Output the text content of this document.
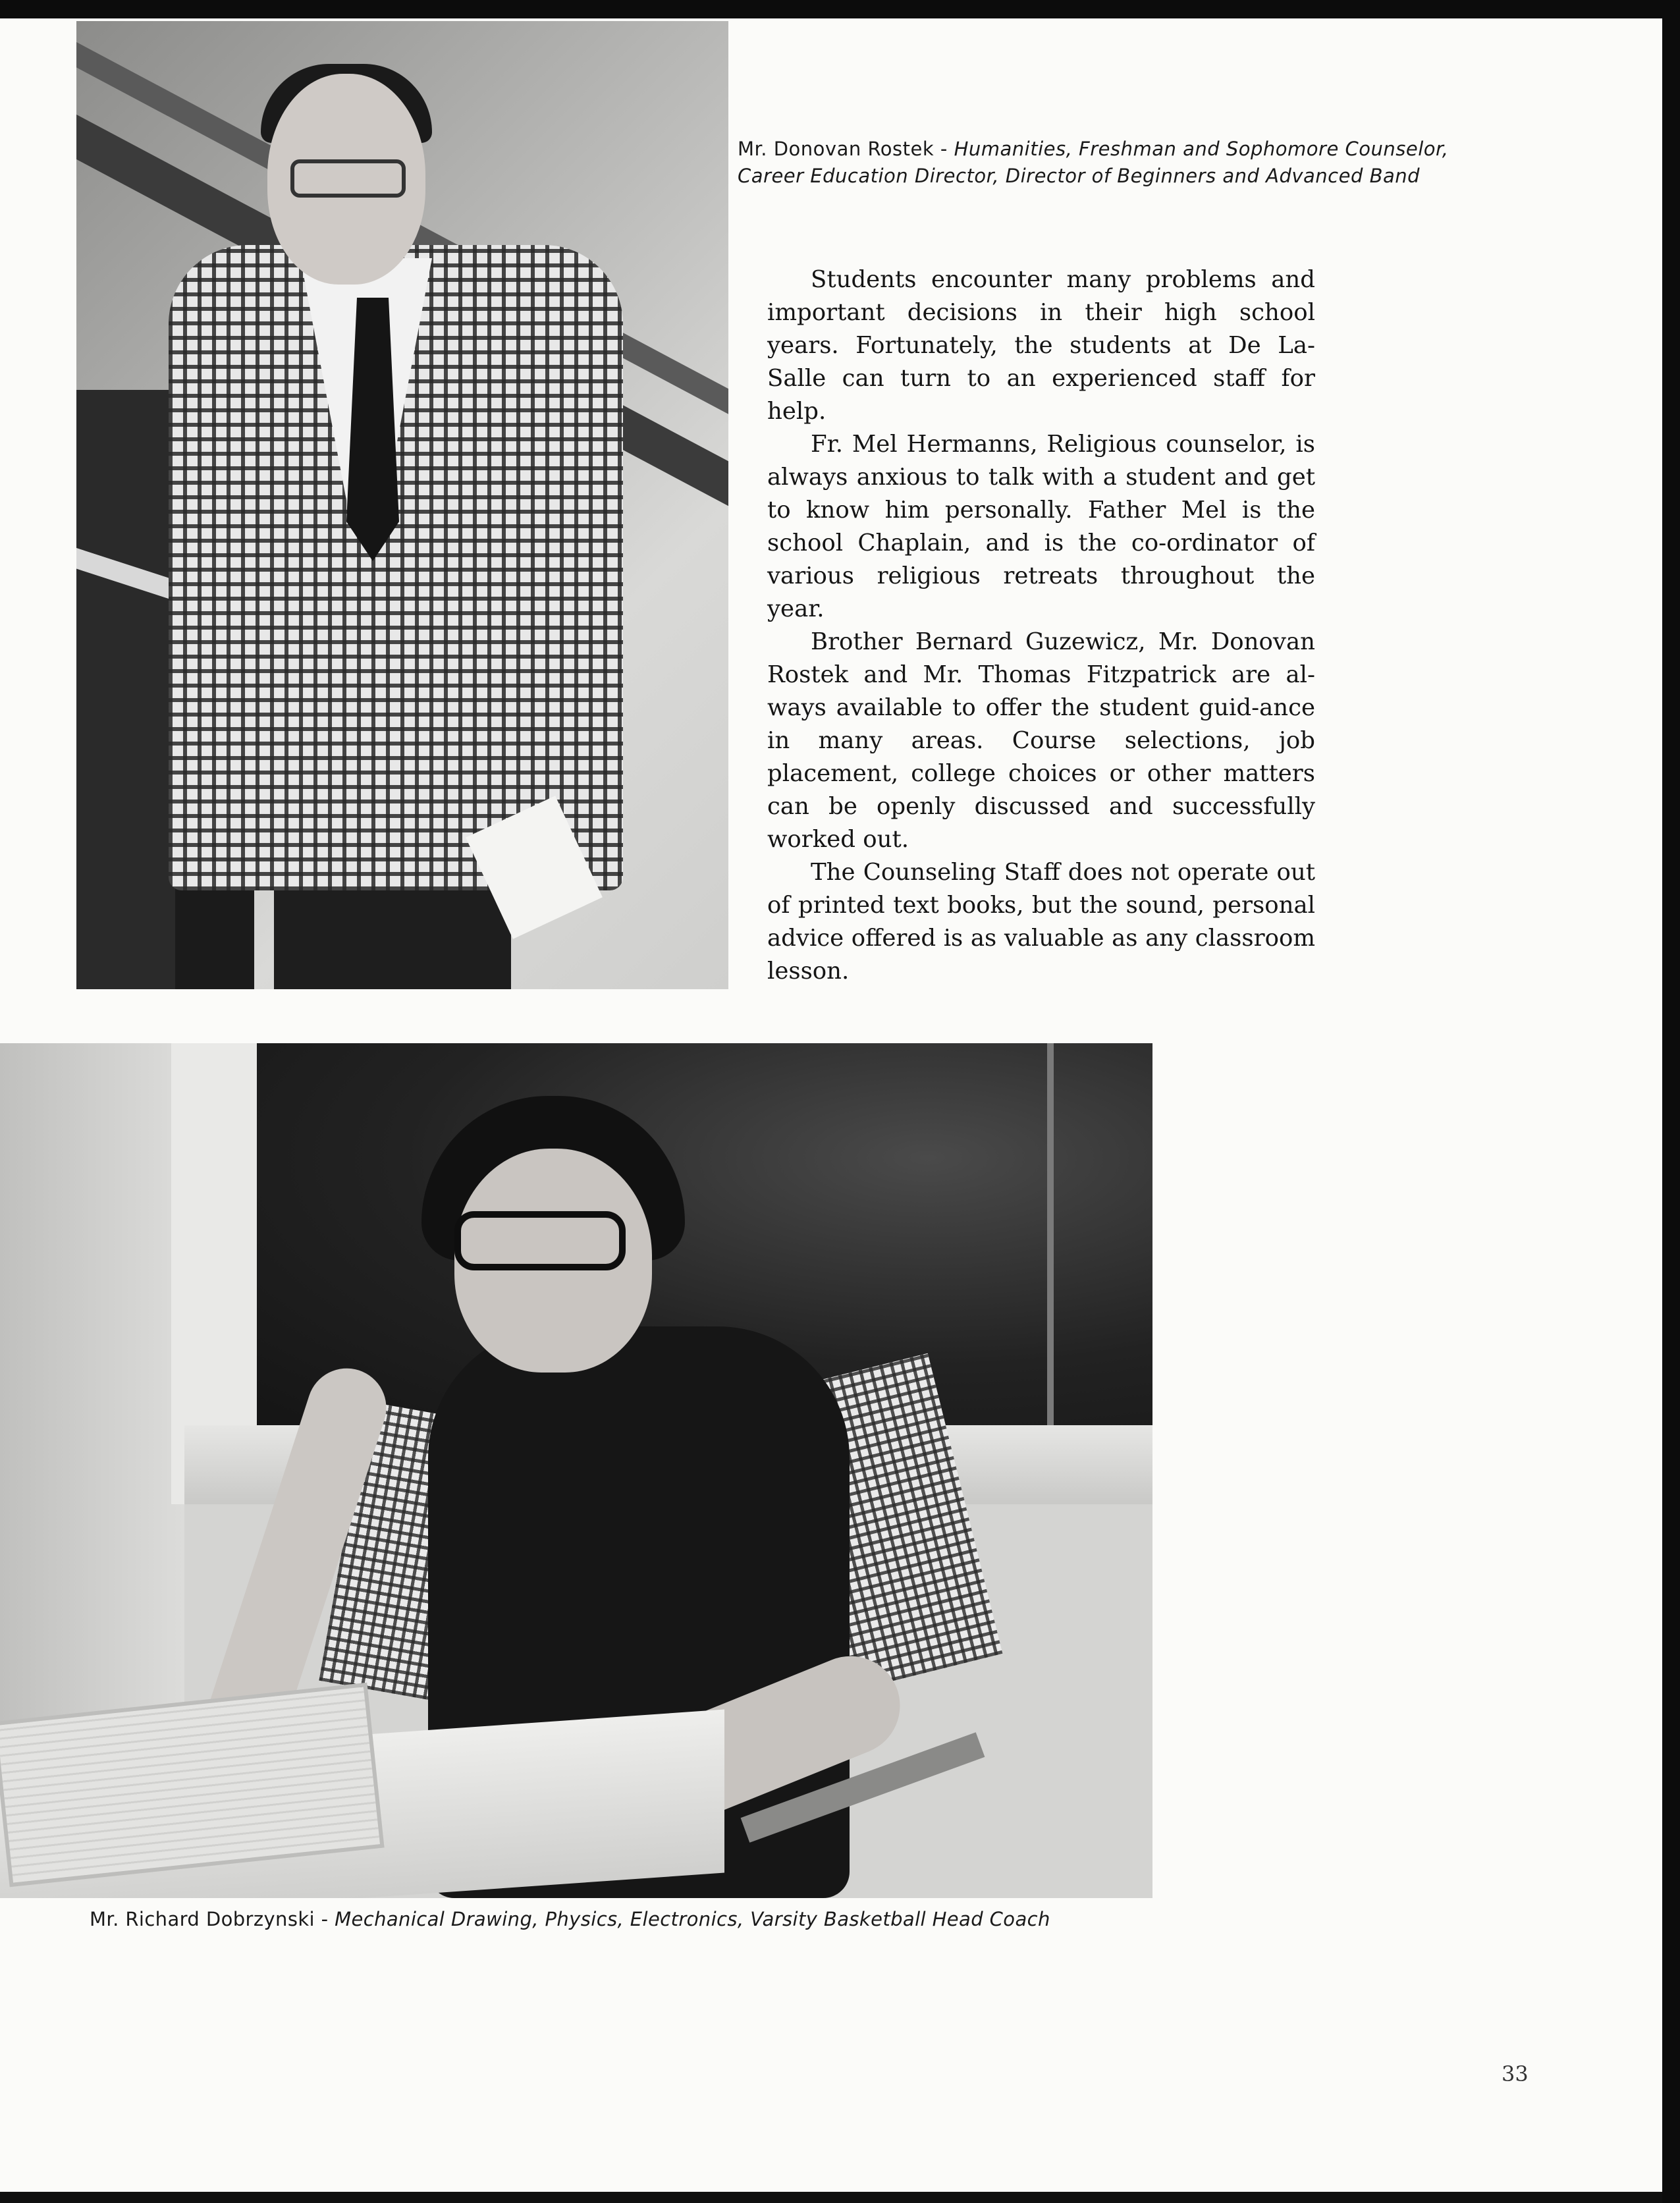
Mr. Donovan Rostek - Humanities, Freshman and Sophomore Counselor,
Career Education Director, Director of Beginners and Advanced Band

Students encounter many problems and important decisions in their high school years. Fortunately, the students at De La-Salle can turn to an experienced staff for help.

Fr. Mel Hermanns, Religious counselor, is always anxious to talk with a student and get to know him personally. Father Mel is the school Chaplain, and is the co-ordinator of various religious retreats throughout the year.

Brother Bernard Guzewicz, Mr. Donovan Rostek and Mr. Thomas Fitzpatrick are al-ways available to offer the student guid-ance in many areas. Course selections, job placement, college choices or other matters can be openly discussed and successfully worked out.

The Counseling Staff does not operate out of printed text books, but the sound, personal advice offered is as valuable as any classroom lesson.

Mr. Richard Dobrzynski - Mechanical Drawing, Physics, Electronics, Varsity Basketball Head Coach
33
